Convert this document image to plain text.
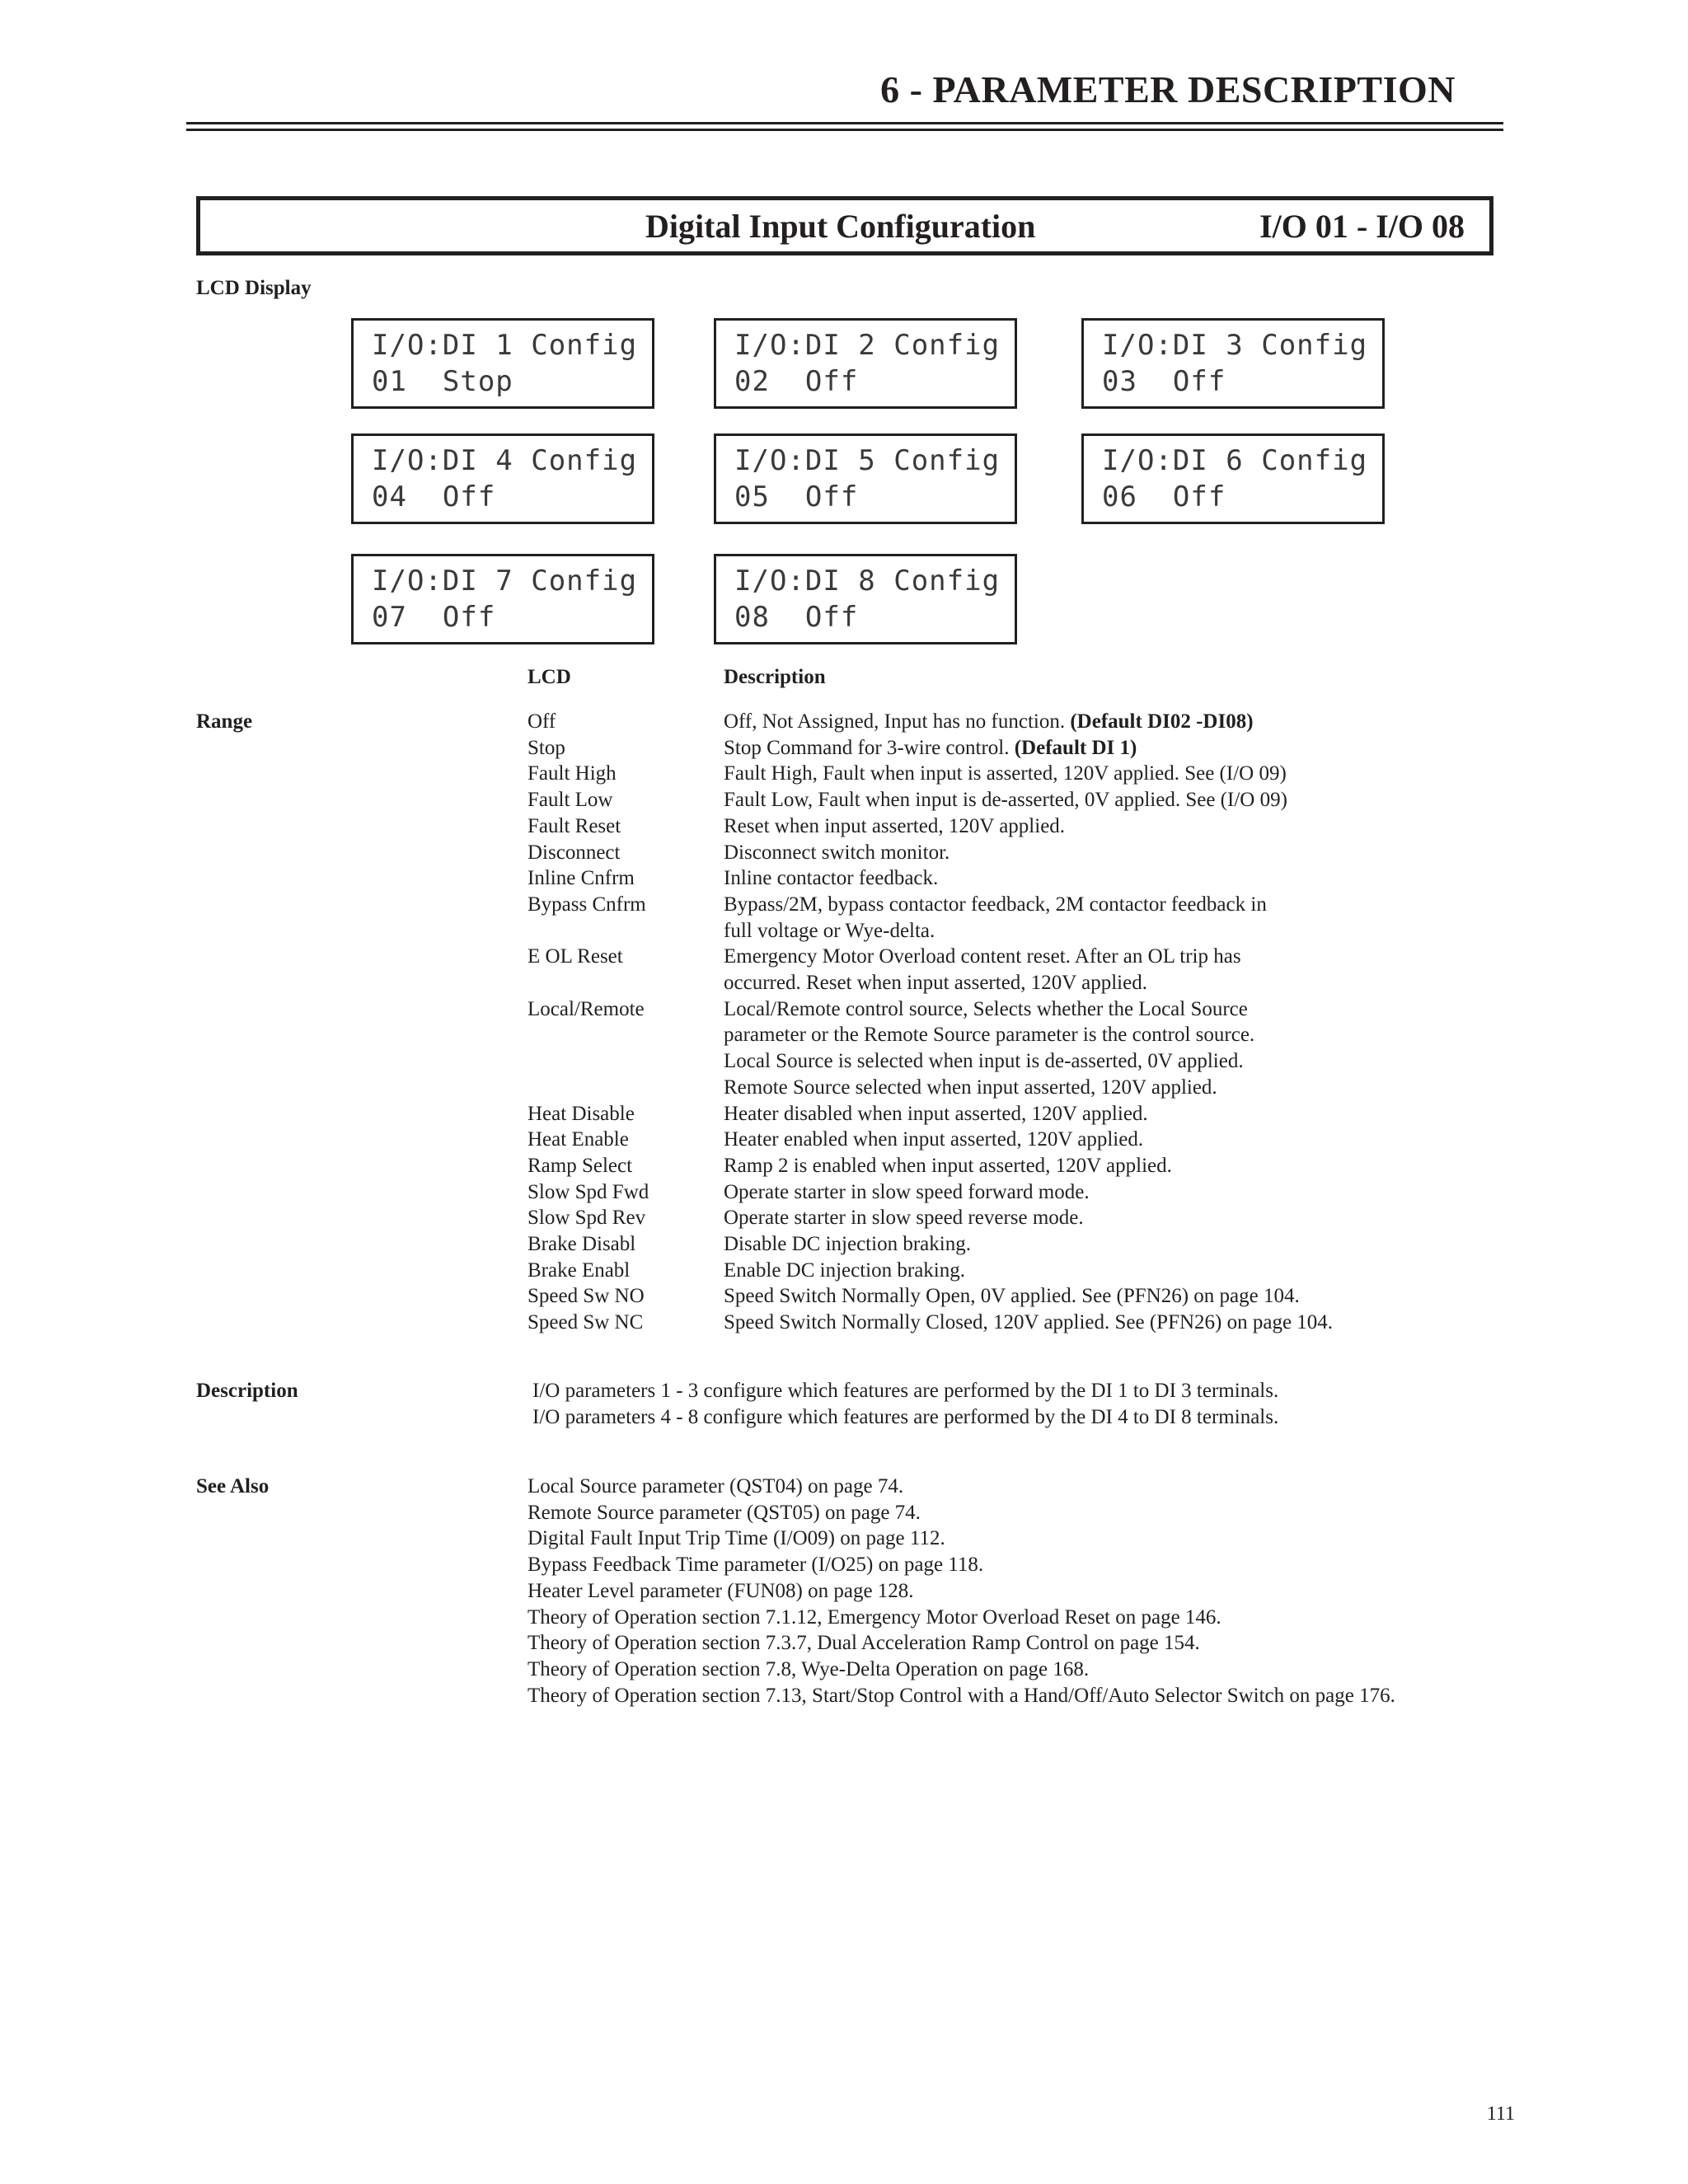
6 - PARAMETER DESCRIPTION
Digital Input Configuration	I/O 01 - I/O 08
LCD Display
I/O:DI 1 Config
01  Stop
I/O:DI 2 Config
02  Off
I/O:DI 3 Config
03  Off
I/O:DI 4 Config
04  Off
I/O:DI 5 Config
05  Off
I/O:DI 6 Config
06  Off
I/O:DI 7 Config
07  Off
I/O:DI 8 Config
08  Off
LCD	Description
Range	Off	Off, Not Assigned, Input has no function. (Default DI02 -DI08)
Stop	Stop Command for 3-wire control. (Default DI 1)
Fault High	Fault High, Fault when input is asserted, 120V applied. See (I/O 09)
Fault Low	Fault Low, Fault when input is de-asserted, 0V applied. See (I/O 09)
Fault Reset	Reset when input asserted, 120V applied.
Disconnect	Disconnect switch monitor.
Inline Cnfrm	Inline contactor feedback.
Bypass Cnfrm	Bypass/2M, bypass contactor feedback, 2M contactor feedback in
full voltage or Wye-delta.
E OL Reset	Emergency Motor Overload content reset. After an OL trip has
occurred. Reset when input asserted, 120V applied.
Local/Remote	Local/Remote control source, Selects whether the Local Source
parameter or the Remote Source parameter is the control source.
Local Source is selected when input is de-asserted, 0V applied.
Remote Source selected when input asserted, 120V applied.
Heat Disable	Heater disabled when input asserted, 120V applied.
Heat Enable	Heater enabled when input asserted, 120V applied.
Ramp Select	Ramp 2 is enabled when input asserted, 120V applied.
Slow Spd Fwd	Operate starter in slow speed forward mode.
Slow Spd Rev	Operate starter in slow speed reverse mode.
Brake Disabl	Disable DC injection braking.
Brake Enabl	Enable DC injection braking.
Speed Sw NO	Speed Switch Normally Open, 0V applied. See (PFN26) on page 104.
Speed Sw NC	Speed Switch Normally Closed, 120V applied. See (PFN26) on page 104.
Description	I/O parameters 1 - 3 configure which features are performed by the DI 1 to DI 3 terminals.
I/O parameters 4 - 8 configure which features are performed by the DI 4 to DI 8 terminals.
See Also	Local Source parameter (QST04) on page 74.
Remote Source parameter (QST05) on page 74.
Digital Fault Input Trip Time (I/O09) on page 112.
Bypass Feedback Time parameter (I/O25) on page 118.
Heater Level parameter (FUN08) on page 128.
Theory of Operation section 7.1.12, Emergency Motor Overload Reset on page 146.
Theory of Operation section 7.3.7, Dual Acceleration Ramp Control on page 154.
Theory of Operation section 7.8, Wye-Delta Operation on page 168.
Theory of Operation section 7.13, Start/Stop Control with a Hand/Off/Auto Selector Switch on page 176.
111
